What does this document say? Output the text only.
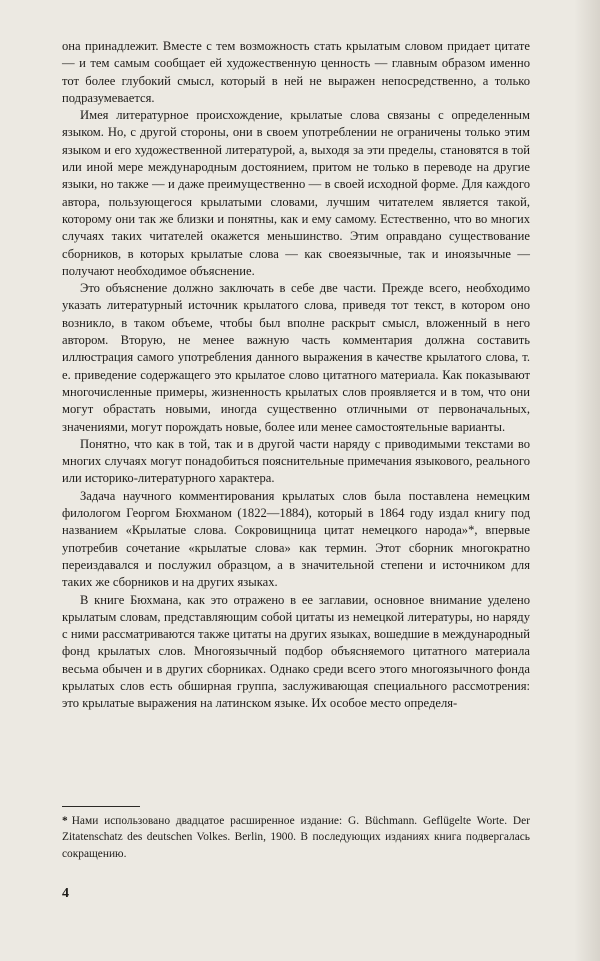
она принадлежит. Вместе с тем возможность стать крылатым словом придает цитате — и тем самым сообщает ей художественную ценность — главным образом именно тот более глубокий смысл, который в ней не выражен непосредственно, а только подразумевается.

Имея литературное происхождение, крылатые слова связаны с определенным языком. Но, с другой стороны, они в своем употреблении не ограничены только этим языком и его художественной литературой, а, выходя за эти пределы, становятся в той или иной мере международным достоянием, притом не только в переводе на другие языки, но также — и даже преимущественно — в своей исходной форме. Для каждого автора, пользующегося крылатыми словами, лучшим читателем является такой, которому они так же близки и понятны, как и ему самому. Естественно, что во многих случаях таких читателей окажется меньшинство. Этим оправдано существование сборников, в которых крылатые слова — как своеязычные, так и иноязычные — получают необходимое объяснение.

Это объяснение должно заключать в себе две части. Прежде всего, необходимо указать литературный источник крылатого слова, приведя тот текст, в котором оно возникло, в таком объеме, чтобы был вполне раскрыт смысл, вложенный в него автором. Вторую, не менее важную часть комментария должна составить иллюстрация самого употребления данного выражения в качестве крылатого слова, т. е. приведение содержащего это крылатое слово цитатного материала. Как показывают многочисленные примеры, жизненность крылатых слов проявляется и в том, что они могут обрастать новыми, иногда существенно отличными от первоначальных, значениями, могут порождать новые, более или менее самостоятельные варианты.

Понятно, что как в той, так и в другой части наряду с приводимыми текстами во многих случаях могут понадобиться пояснительные примечания языкового, реального или историко-литературного характера.

Задача научного комментирования крылатых слов была поставлена немецким филологом Георгом Бюхманом (1822—1884), который в 1864 году издал книгу под названием «Крылатые слова. Сокровищница цитат немецкого народа»*, впервые употребив сочетание «крылатые слова» как термин. Этот сборник многократно переиздавался и послужил образцом, а в значительной степени и источником для таких же сборников и на других языках.

В книге Бюхмана, как это отражено в ее заглавии, основное внимание уделено крылатым словам, представляющим собой цитаты из немецкой литературы, но наряду с ними рассматриваются также цитаты на других языках, вошедшие в международный фонд крылатых слов. Многоязычный подбор объясняемого цитатного материала весьма обычен и в других сборниках. Однако среди всего этого многоязычного фонда крылатых слов есть обширная группа, заслуживающая специального рассмотрения: это крылатые выражения на латинском языке. Их особое место определя-

* Нами использовано двадцатое расширенное издание: G. Büchmann. Geflügelte Worte. Der Zitatenschatz des deutschen Volkes. Berlin, 1900. В последующих изданиях книга подвергалась сокращению.
4
